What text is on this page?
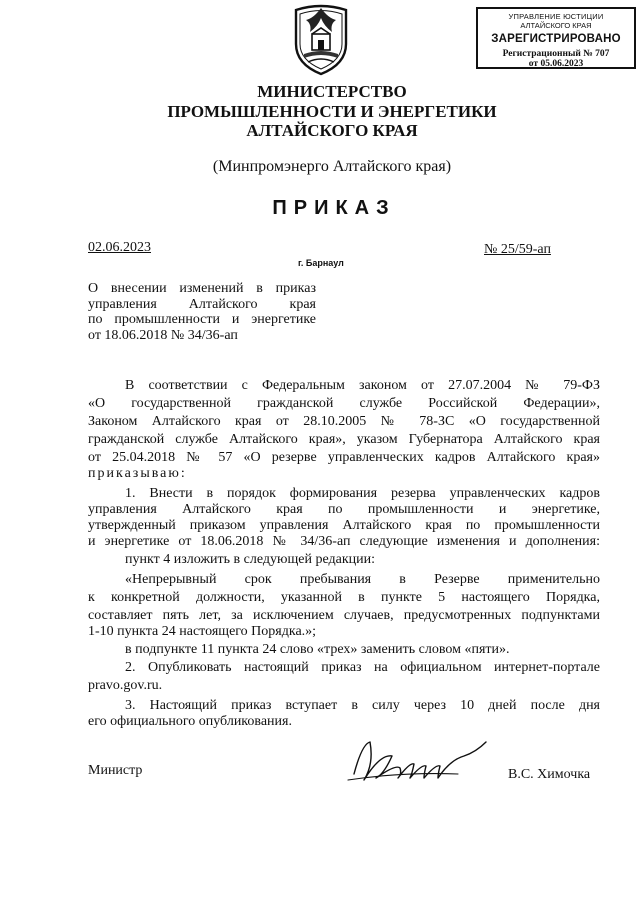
УПРАВЛЕНИЕ ЮСТИЦИИ
АЛТАЙСКОГО КРАЯ
ЗАРЕГИСТРИРОВАНО
Регистрационный № 707
от 05.06.2023
МИНИСТЕРСТВО
ПРОМЫШЛЕННОСТИ И ЭНЕРГЕТИКИ
АЛТАЙСКОГО КРАЯ
(Минпромэнерго Алтайского края)
ПРИКАЗ
02.06.2023
г. Барнаул
№ 25/59-ап
О внесении изменений в приказ
управления Алтайского края
по промышленности и энергетике
от 18.06.2018 № 34/36-ап
В соответствии с Федеральным законом от 27.07.2004 № 79-ФЗ
«О государственной гражданской службе Российской Федерации»,
Законом Алтайского края от 28.10.2005 № 78-ЗС «О государственной
гражданской службе Алтайского края», указом Губернатора Алтайского края
от 25.04.2018 № 57 «О резерве управленческих кадров Алтайского края»
приказываю:
1. Внести в порядок формирования резерва управленческих кадров
управления Алтайского края по промышленности и энергетике,
утвержденный приказом управления Алтайского края по промышленности
и энергетике от 18.06.2018 № 34/36-ап следующие изменения и дополнения:
пункт 4 изложить в следующей редакции:
«Непрерывный срок пребывания в Резерве применительно
к конкретной должности, указанной в пункте 5 настоящего Порядка,
составляет пять лет, за исключением случаев, предусмотренных подпунктами
1-10 пункта 24 настоящего Порядка.»;
в подпункте 11 пункта 24 слово «трех» заменить словом «пяти».
2. Опубликовать настоящий приказ на официальном интернет-портале
pravo.gov.ru.
3. Настоящий приказ вступает в силу через 10 дней после дня
его официального опубликования.
Министр	В.С. Химочка
